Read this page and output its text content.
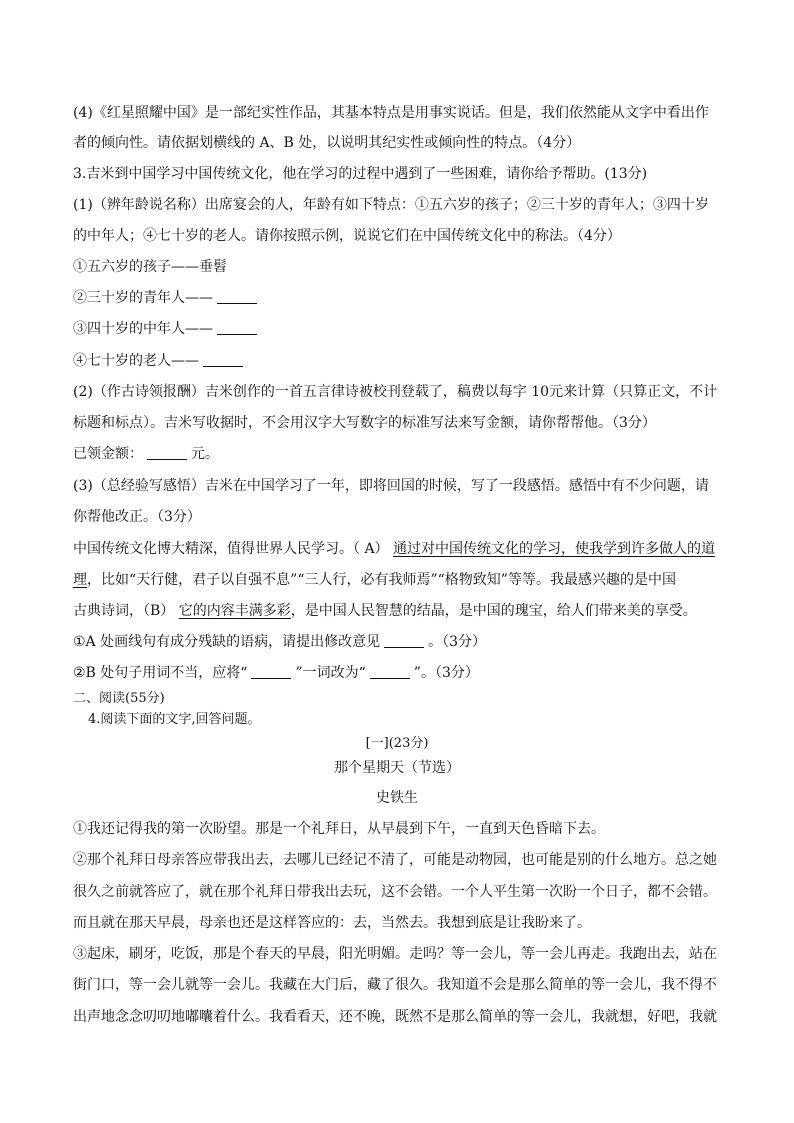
(4)《红星照耀中国》是一部纪实性作品，其基本特点是用事实说话。但是，我们依然能从文字中看出作
者的倾向性。请依据划横线的 A、B 处，以说明其纪实性或倾向性的特点。（4分）
3.吉米到中国学习中国传统文化，他在学习的过程中遇到了一些困难，请你给予帮助。(13分)
(1)（辨年龄说名称）出席宴会的人，年龄有如下特点：①五六岁的孩子；②三十岁的青年人；③四十岁
的中年人；④七十岁的老人。请你按照示例，说说它们在中国传统文化中的称法。（4分）
①五六岁的孩子——垂髫
②三十岁的青年人——
③四十岁的中年人——
④七十岁的老人——
(2)（作古诗领报酬）吉米创作的一首五言律诗被校刊登载了，稿费以每字 10元来计算（只算正文，不计
标题和标点）。吉米写收据时，不会用汉字大写数字的标准写法来写金额，请你帮帮他。（3分）
已领金额：	元。
(3)（总经验写感悟）吉米在中国学习了一年，即将回国的时候，写了一段感悟。感悟中有不少问题，请
你帮他改正。（3分）
中国传统文化博大精深，值得世界人民学习。（ A） 通过对中国传统文化的学习，使我学到许多做人的道
理，比如“天行健，君子以自强不息”“三人行，必有我师焉”“格物致知”等等。我最感兴趣的是中国
古典诗词，（B） 它的内容丰满多彩，是中国人民智慧的结晶，是中国的瑰宝，给人们带来美的享受。
①A 处画线句有成分残缺的语病，请提出修改意见	。（3分）
②B 处句子用词不当，应将“	”一词改为“	”。（3分）
二、阅读(55分)
4.阅读下面的文字,回答问题。
[一](23分)
那个星期天（节选）
史铁生
①我还记得我的第一次盼望。那是一个礼拜日，从早晨到下午，一直到天色昏暗下去。
②那个礼拜日母亲答应带我出去，去哪儿已经记不清了，可能是动物园，也可能是别的什么地方。总之她
很久之前就答应了，就在那个礼拜日带我出去玩，这不会错。一个人平生第一次盼一个日子，都不会错。
而且就在那天早晨，母亲也还是这样答应的：去，当然去。我想到底是让我盼来了。
③起床，刷牙，吃饭，那是个春天的早晨，阳光明媚。走吗？等一会儿，等一会儿再走。我跑出去，站在
街门口，等一会儿就等一会儿。我藏在大门后，藏了很久。我知道不会是那么简单的等一会儿，我不得不
出声地念念叨叨地嘟囔着什么。我看看天，还不晚，既然不是那么简单的等一会儿，我就想，好吧，我就
